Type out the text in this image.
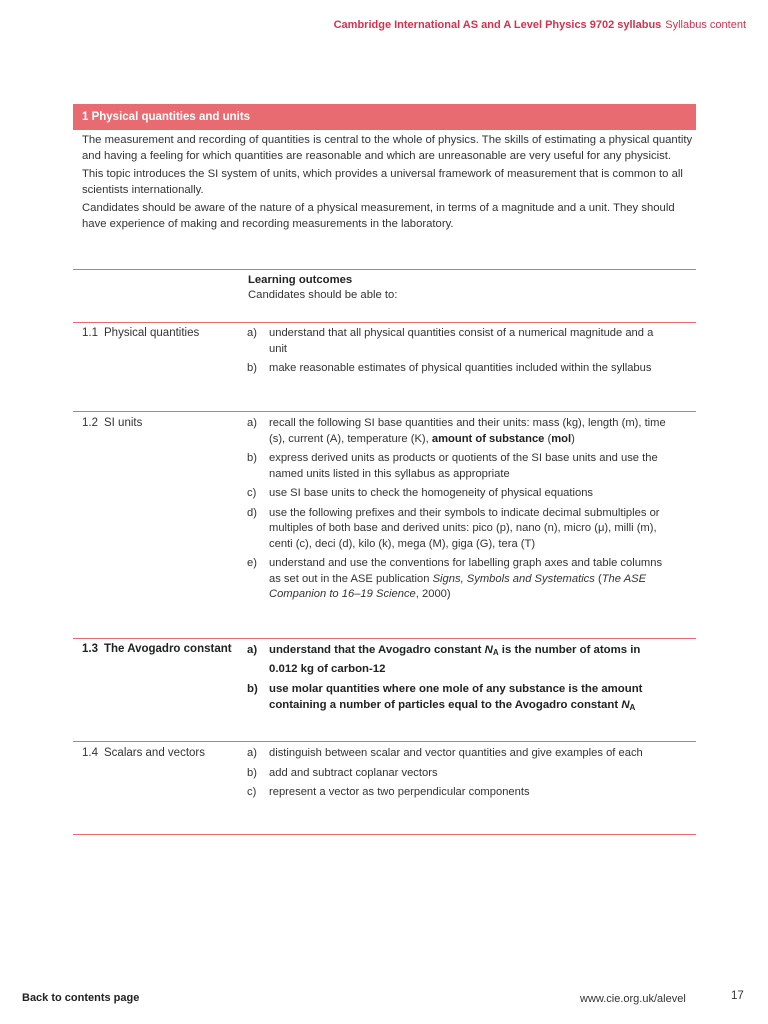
Cambridge International AS and A Level Physics 9702 syllabus Syllabus content
1 Physical quantities and units

The measurement and recording of quantities is central to the whole of physics. The skills of estimating a physical quantity and having a feeling for which quantities are reasonable and which are unreasonable are very useful for any physicist.

This topic introduces the SI system of units, which provides a universal framework of measurement that is common to all scientists internationally.

Candidates should be aware of the nature of a physical measurement, in terms of a magnitude and a unit. They should have experience of making and recording measurements in the laboratory.

Learning outcomes
Candidates should be able to:
1.1 Physical quantities	a) understand that all physical quantities consist of a numerical magnitude and a unit
b) make reasonable estimates of physical quantities included within the syllabus
1.2 SI units	a) recall the following SI base quantities and their units: mass (kg), length (m), time (s), current (A), temperature (K), amount of substance (mol)
b) express derived units as products or quotients of the SI base units and use the named units listed in this syllabus as appropriate
c) use SI base units to check the homogeneity of physical equations
d) use the following prefixes and their symbols to indicate decimal submultiples or multiples of both base and derived units: pico (p), nano (n), micro (μ), milli (m), centi (c), deci (d), kilo (k), mega (M), giga (G), tera (T)
e) understand and use the conventions for labelling graph axes and table columns as set out in the ASE publication Signs, Symbols and Systematics (The ASE Companion to 16–19 Science, 2000)
1.3 The Avogadro constant a) understand that the Avogadro constant NA is the number of atoms in 0.012 kg of carbon-12
b) use molar quantities where one mole of any substance is the amount containing a number of particles equal to the Avogadro constant NA
1.4 Scalars and vectors	a) distinguish between scalar and vector quantities and give examples of each
b) add and subtract coplanar vectors
c) represent a vector as two perpendicular components
Back to contents page	www.cie.org.uk/alevel	17
